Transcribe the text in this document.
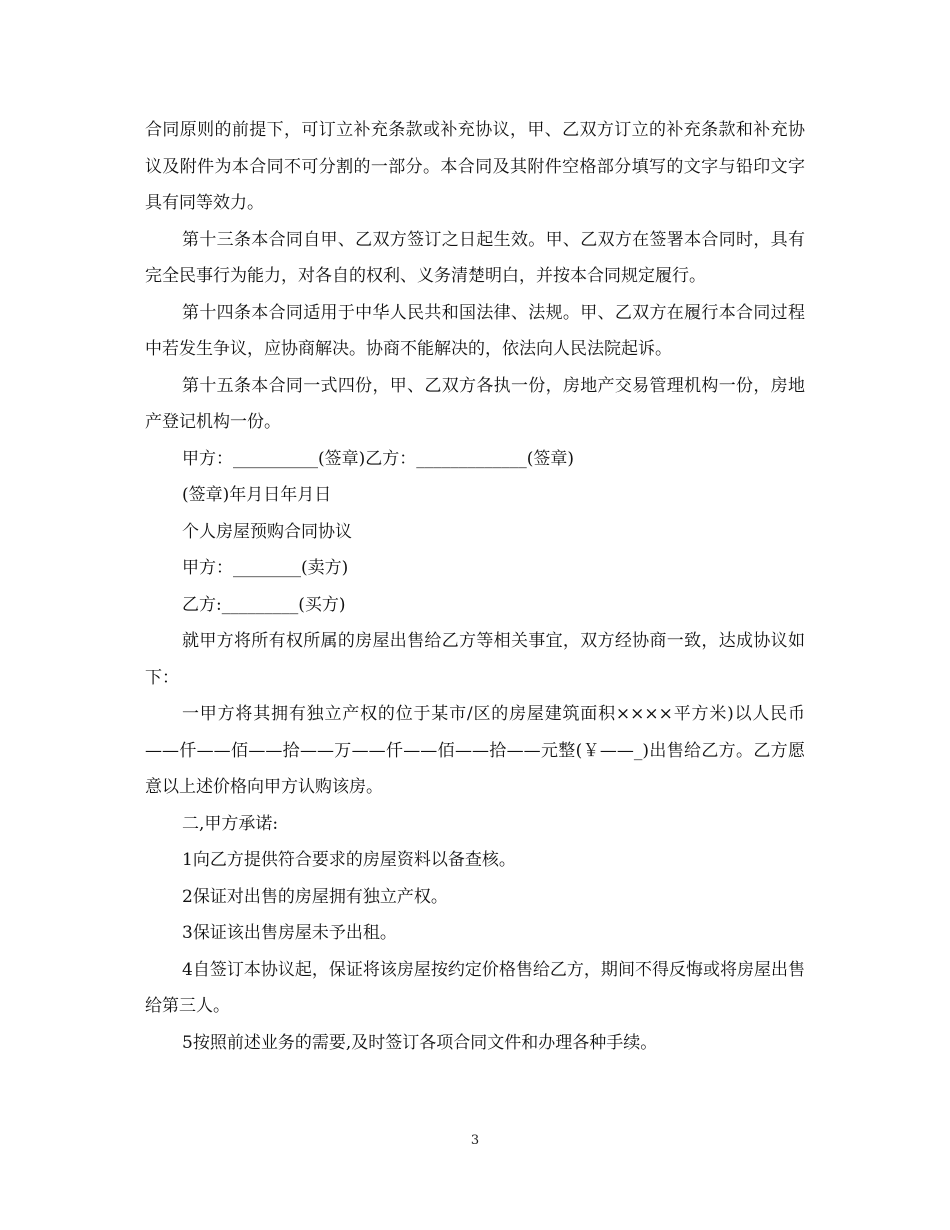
合同原则的前提下，可订立补充条款或补充协议，甲、乙双方订立的补充条款和补充协议及附件为本合同不可分割的一部分。本合同及其附件空格部分填写的文字与铅印文字具有同等效力。

第十三条本合同自甲、乙双方签订之日起生效。甲、乙双方在签署本合同时，具有完全民事行为能力，对各自的权利、义务清楚明白，并按本合同规定履行。

第十四条本合同适用于中华人民共和国法律、法规。甲、乙双方在履行本合同过程中若发生争议，应协商解决。协商不能解决的，依法向人民法院起诉。

第十五条本合同一式四份，甲、乙双方各执一份，房地产交易管理机构一份，房地产登记机构一份。

甲方：__________(签章)乙方：_____________(签章)

(签章)年月日年月日

个人房屋预购合同协议

甲方：________(卖方)

乙方:_________(买方)

就甲方将所有权所属的房屋出售给乙方等相关事宜，双方经协商一致，达成协议如下：

一甲方将其拥有独立产权的位于某市/区的房屋建筑面积××××平方米)以人民币——仟——佰——拾——万——仟——佰——拾——元整(￥——_)出售给乙方。乙方愿意以上述价格向甲方认购该房。

二,甲方承诺:

1向乙方提供符合要求的房屋资料以备查核。

2保证对出售的房屋拥有独立产权。

3保证该出售房屋未予出租。

4自签订本协议起，保证将该房屋按约定价格售给乙方，期间不得反悔或将房屋出售给第三人。

5按照前述业务的需要,及时签订各项合同文件和办理各种手续。

3
